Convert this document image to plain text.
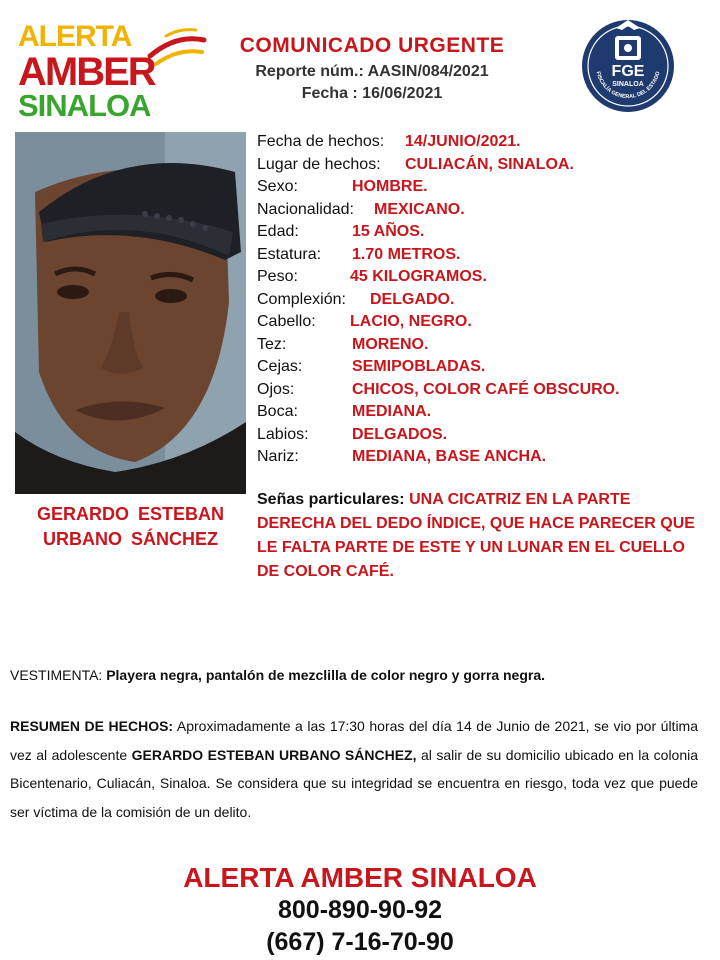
ALERTA
AMBER
SINALOA
COMUNICADO URGENTE
Reporte núm.: AASIN/084/2021
Fecha : 16/06/2021
FGE
SINALOA
FISCALÍA GENERAL DEL ESTADO
GERARDO ESTEBAN
URBANO SÁNCHEZ
Fecha de hechos: 14/JUNIO/2021.
Lugar de hechos: CULIACÁN, SINALOA.
Sexo:	HOMBRE.
Nacionalidad: MEXICANO.
Edad:	15 AÑOS.
Estatura: 1.70 METROS.
Peso:	45 KILOGRAMOS.
Complexión: DELGADO.
Cabello: LACIO, NEGRO.
Tez:	MORENO.
Cejas:	SEMIPOBLADAS.
Ojos:	CHICOS, COLOR CAFÉ OBSCURO.
Boca:	MEDIANA.
Labios:	DELGADOS.
Nariz:	MEDIANA, BASE ANCHA.
Señas particulares: UNA CICATRIZ EN LA PARTE DERECHA DEL DEDO ÍNDICE, QUE HACE PARECER QUE LE FALTA PARTE DE ESTE Y UN LUNAR EN EL CUELLO DE COLOR CAFÉ.
VESTIMENTA: Playera negra, pantalón de mezclilla de color negro y gorra negra.
RESUMEN DE HECHOS: Aproximadamente a las 17:30 horas del día 14 de Junio de 2021, se vio por última vez al adolescente GERARDO ESTEBAN URBANO SÁNCHEZ, al salir de su domicilio ubicado en la colonia Bicentenario, Culiacán, Sinaloa. Se considera que su integridad se encuentra en riesgo, toda vez que puede ser víctima de la comisión de un delito.
ALERTA AMBER SINALOA
800-890-90-92
(667) 7-16-70-90
